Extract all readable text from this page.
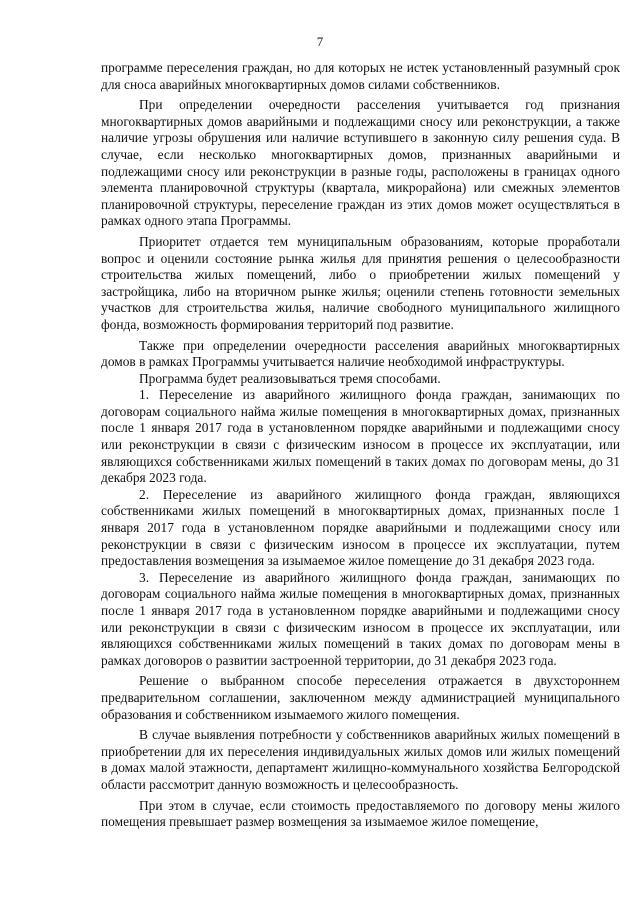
7

программе переселения граждан, но для которых не истек установленный разумный срок для сноса аварийных многоквартирных домов силами собственников.

При определении очередности расселения учитывается год признания многоквартирных домов аварийными и подлежащими сносу или реконструкции, а также наличие угрозы обрушения или наличие вступившего в законную силу решения суда. В случае, если несколько многоквартирных домов, признанных аварийными и подлежащими сносу или реконструкции в разные годы, расположены в границах одного элемента планировочной структуры (квартала, микрорайона) или смежных элементов планировочной структуры, переселение граждан из этих домов может осуществляться в рамках одного этапа Программы.

Приоритет отдается тем муниципальным образованиям, которые проработали вопрос и оценили состояние рынка жилья для принятия решения о целесообразности строительства жилых помещений, либо о приобретении жилых помещений у застройщика, либо на вторичном рынке жилья; оценили степень готовности земельных участков для строительства жилья, наличие свободного муниципального жилищного фонда, возможность формирования территорий под развитие.

Также при определении очередности расселения аварийных многоквартирных домов в рамках Программы учитывается наличие необходимой инфраструктуры.

Программа будет реализовываться тремя способами.

1. Переселение из аварийного жилищного фонда граждан, занимающих по договорам социального найма жилые помещения в многоквартирных домах, признанных после 1 января 2017 года в установленном порядке аварийными и подлежащими сносу или реконструкции в связи с физическим износом в процессе их эксплуатации, или являющихся собственниками жилых помещений в таких домах по договорам мены, до 31 декабря 2023 года.

2. Переселение из аварийного жилищного фонда граждан, являющихся собственниками жилых помещений в многоквартирных домах, признанных после 1 января 2017 года в установленном порядке аварийными и подлежащими сносу или реконструкции в связи с физическим износом в процессе их эксплуатации, путем предоставления возмещения за изымаемое жилое помещение до 31 декабря 2023 года.

3. Переселение из аварийного жилищного фонда граждан, занимающих по договорам социального найма жилые помещения в многоквартирных домах, признанных после 1 января 2017 года в установленном порядке аварийными и подлежащими сносу или реконструкции в связи с физическим износом в процессе их эксплуатации, или являющихся собственниками жилых помещений в таких домах по договорам мены в рамках договоров о развитии застроенной территории, до 31 декабря 2023 года.

Решение о выбранном способе переселения отражается в двухстороннем предварительном соглашении, заключенном между администрацией муниципального образования и собственником изымаемого жилого помещения.

В случае выявления потребности у собственников аварийных жилых помещений в приобретении для их переселения индивидуальных жилых домов или жилых помещений в домах малой этажности, департамент жилищно-коммунального хозяйства Белгородской области рассмотрит данную возможность и целесообразность.

При этом в случае, если стоимость предоставляемого по договору мены жилого помещения превышает размер возмещения за изымаемое жилое помещение,
